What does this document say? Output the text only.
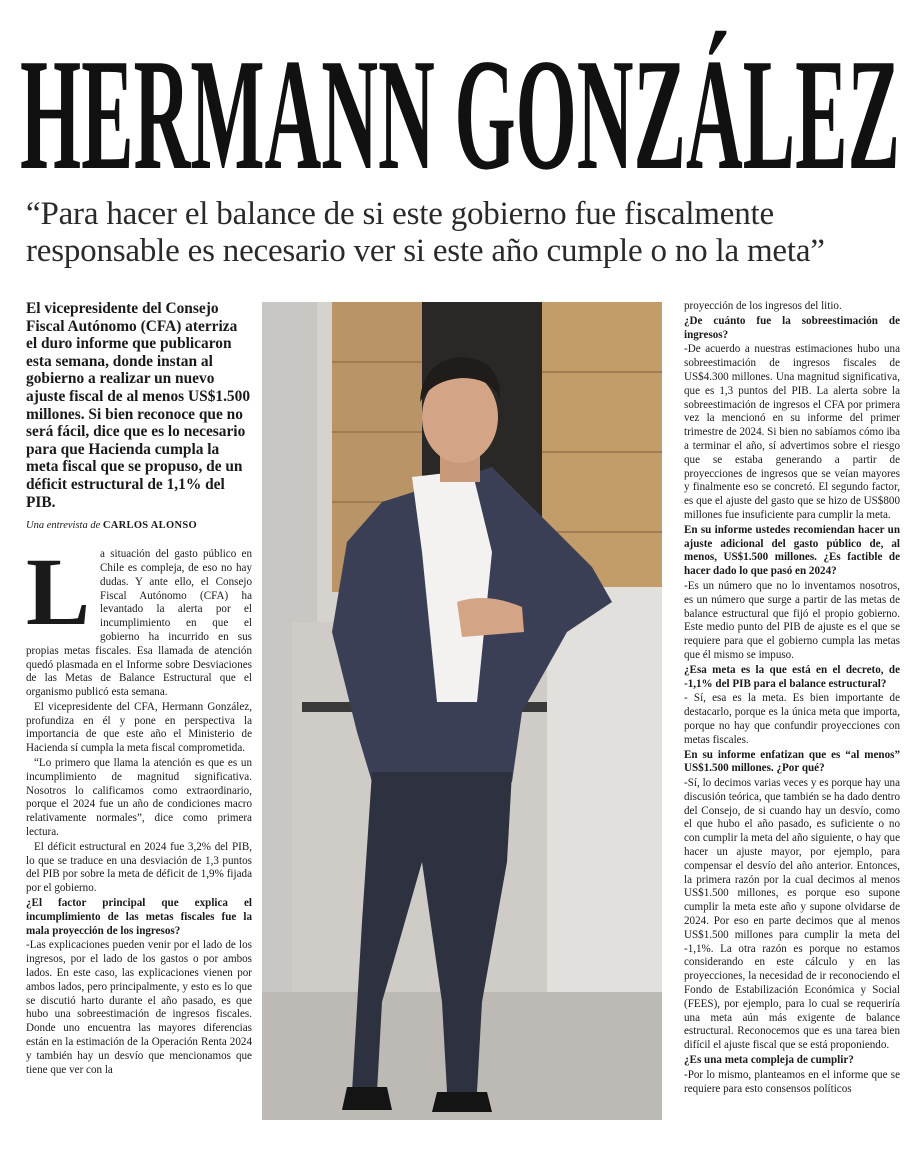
HERMANN GONZÁLEZ
“Para hacer el balance de si este gobierno fue fiscalmente responsable es necesario ver si este año cumple o no la meta”

El vicepresidente del Consejo Fiscal Autónomo (CFA) aterriza el duro informe que publicaron esta semana, donde instan al gobierno a realizar un nuevo ajuste fiscal de al menos US$1.500 millones. Si bien reconoce que no será fácil, dice que es lo necesario para que Hacienda cumpla la meta fiscal que se propuso, de un déficit estructural de 1,1% del PIB.

Una entrevista de CARLOS ALONSO

L a situación del gasto público en Chile es compleja, de eso no hay dudas. Y ante ello, el Consejo Fiscal Autónomo (CFA) ha levantado la alerta por el incumplimiento en que el gobierno ha incurrido en sus propias metas fiscales. Esa llamada de atención quedó plasmada en el Informe sobre Desviaciones de las Metas de Balance Estructural que el organismo publicó esta semana.

El vicepresidente del CFA, Hermann González, profundiza en él y pone en perspectiva la importancia de que este año el Ministerio de Hacienda sí cumpla la meta fiscal comprometida.

“Lo primero que llama la atención es que es un incumplimiento de magnitud significativa. Nosotros lo calificamos como extraordinario, porque el 2024 fue un año de condiciones macro relativamente normales”, dice como primera lectura.

El déficit estructural en 2024 fue 3,2% del PIB, lo que se traduce en una desviación de 1,3 puntos del PIB por sobre la meta de déficit de 1,9% fijada por el gobierno.

¿El factor principal que explica el incumplimiento de las metas fiscales fue la mala proyección de los ingresos?

-Las explicaciones pueden venir por el lado de los ingresos, por el lado de los gastos o por ambos lados. En este caso, las explicaciones vienen por ambos lados, pero principalmente, y esto es lo que se discutió harto durante el año pasado, es que hubo una sobreestimación de ingresos fiscales. Donde uno encuentra las mayores diferencias están en la estimación de la Operación Renta 2024 y también hay un desvío que mencionamos que tiene que ver con la

proyección de los ingresos del litio.

¿De cuánto fue la sobreestimación de ingresos?

-De acuerdo a nuestras estimaciones hubo una sobreestimación de ingresos fiscales de US$4.300 millones. Una magnitud significativa, que es 1,3 puntos del PIB. La alerta sobre la sobreestimación de ingresos el CFA por primera vez la mencionó en su informe del primer trimestre de 2024. Si bien no sabíamos cómo iba a terminar el año, sí advertimos sobre el riesgo que se estaba generando a partir de proyecciones de ingresos que se veían mayores y finalmente eso se concretó. El segundo factor, es que el ajuste del gasto que se hizo de US$800 millones fue insuficiente para cumplir la meta.

En su informe ustedes recomiendan hacer un ajuste adicional del gasto público de, al menos, US$1.500 millones. ¿Es factible de hacer dado lo que pasó en 2024?

-Es un número que no lo inventamos nosotros, es un número que surge a partir de las metas de balance estructural que fijó el propio gobierno. Este medio punto del PIB de ajuste es el que se requiere para que el gobierno cumpla las metas que él mismo se impuso.

¿Esa meta es la que está en el decreto, de -1,1% del PIB para el balance estructural?

- Sí, esa es la meta. Es bien importante de destacarlo, porque es la única meta que importa, porque no hay que confundir proyecciones con metas fiscales.

En su informe enfatizan que es “al menos” US$1.500 millones. ¿Por qué?

-Sí, lo decimos varias veces y es porque hay una discusión teórica, que también se ha dado dentro del Consejo, de si cuando hay un desvío, como el que hubo el año pasado, es suficiente o no con cumplir la meta del año siguiente, o hay que hacer un ajuste mayor, por ejemplo, para compensar el desvío del año anterior. Entonces, la primera razón por la cual decimos al menos US$1.500 millones, es porque eso supone cumplir la meta este año y supone olvidarse de 2024. Por eso en parte decimos que al menos US$1.500 millones para cumplir la meta del -1,1%. La otra razón es porque no estamos considerando en este cálculo y en las proyecciones, la necesidad de ir reconociendo el Fondo de Estabilización Económica y Social (FEES), por ejemplo, para lo cual se requeriría una meta aún más exigente de balance estructural. Reconocemos que es una tarea bien difícil el ajuste fiscal que se está proponiendo.

¿Es una meta compleja de cumplir?

-Por lo mismo, planteamos en el informe que se requiere para esto consensos políticos
